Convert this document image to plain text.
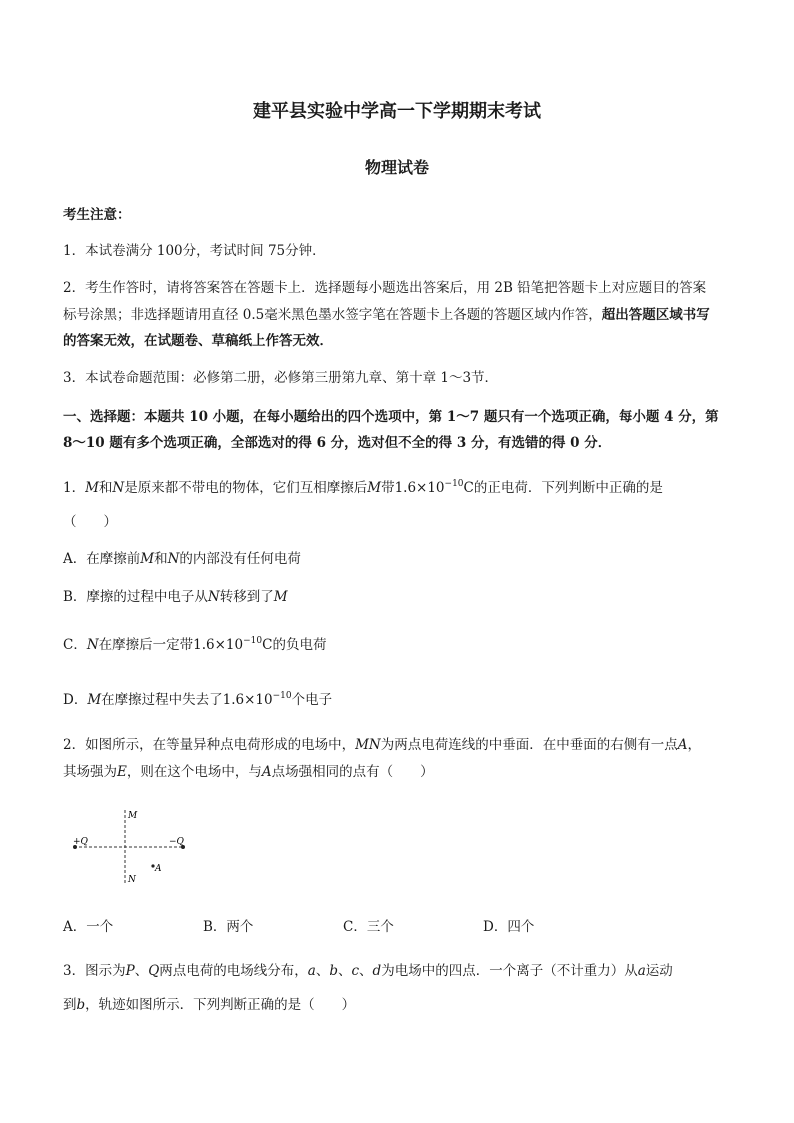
建平县实验中学高一下学期期末考试
物理试卷
考生注意：
1．本试卷满分 100分，考试时间 75分钟．
2．考生作答时，请将答案答在答题卡上．选择题每小题选出答案后，用 2B 铅笔把答题卡上对应题目的答案
标号涂黑；非选择题请用直径 0.5毫米黑色墨水签字笔在答题卡上各题的答题区域内作答，超出答题区域书写
的答案无效，在试题卷、草稿纸上作答无效．
3．本试卷命题范围：必修第二册，必修第三册第九章、第十章 1～3节．
一、选择题：本题共 10 小题，在每小题给出的四个选项中，第 1～7 题只有一个选项正确，每小题 4 分，第
8～10 题有多个选项正确，全部选对的得 6 分，选对但不全的得 3 分，有选错的得 0 分．
1．M和N是原来都不带电的物体，它们互相摩擦后M带$1.6\times 10^{-10}C$的正电荷．下列判断中正确的是
（　　）
A．在摩擦前M和N的内部没有任何电荷
B．摩擦的过程中电子从N转移到了M
C．N在摩擦后一定带$1.6\times 10^{-10}C$的负电荷
D．M在摩擦过程中失去了$1.6\times 10^{-10}$个电子
2．如图所示，在等量异种点电荷形成的电场中，MN为两点电荷连线的中垂面．在中垂面的右侧有一点A，
其场强为E，则在这个电场中，与A点场强相同的点有（　　）
M
N
+Q	−Q
A
A．一个	B．两个	C．三个	D．四个
3．图示为P、Q两点电荷的电场线分布，a、b、c、d为电场中的四点．一个离子（不计重力）从a运动
到b，轨迹如图所示．下列判断正确的是（　　）
